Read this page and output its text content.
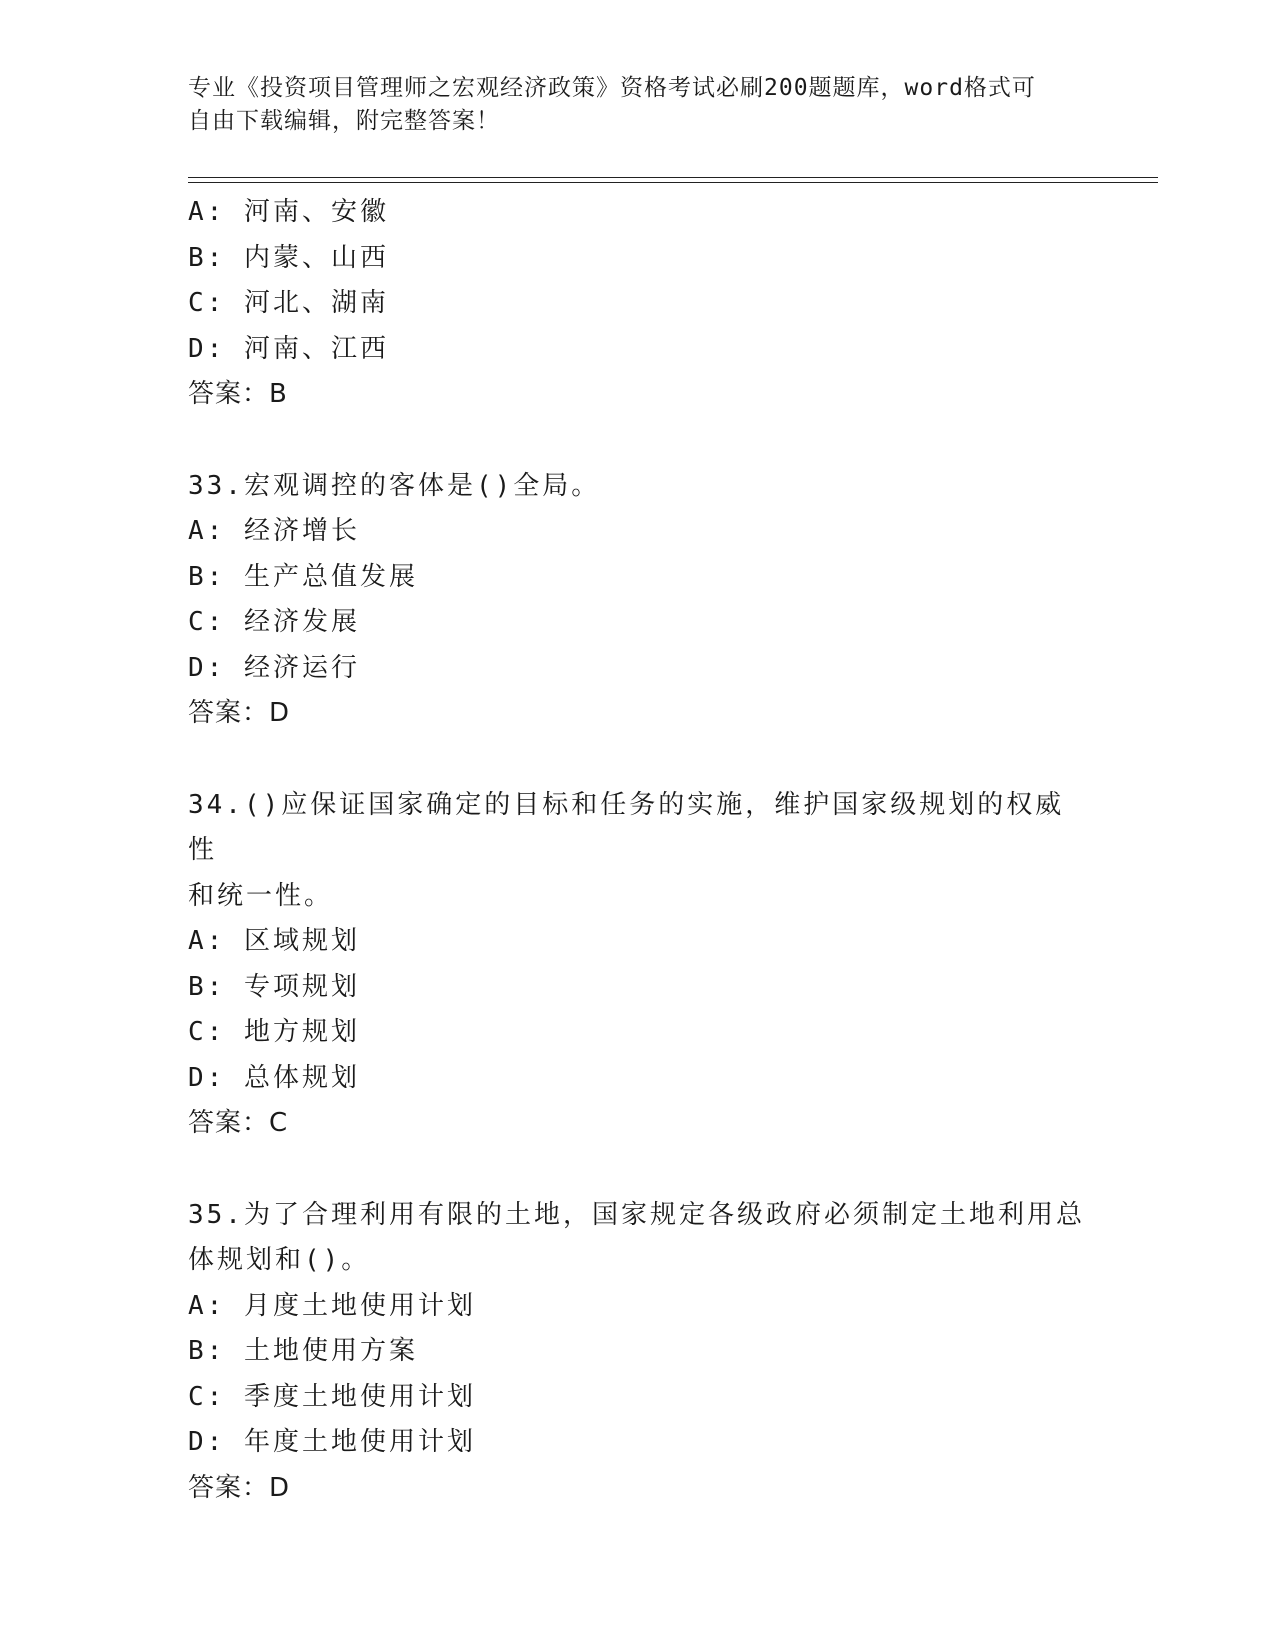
专业《投资项目管理师之宏观经济政策》资格考试必刷200题题库，word格式可
自由下载编辑，附完整答案！
A: 河南、安徽
B: 内蒙、山西
C: 河北、湖南
D: 河南、江西
答案：B
33.宏观调控的客体是()全局。
A: 经济增长
B: 生产总值发展
C: 经济发展
D: 经济运行
答案：D
34.()应保证国家确定的目标和任务的实施，维护国家级规划的权威性
和统一性。
A: 区域规划
B: 专项规划
C: 地方规划
D: 总体规划
答案：C
35.为了合理利用有限的土地，国家规定各级政府必须制定土地利用总
体规划和()。
A: 月度土地使用计划
B: 土地使用方案
C: 季度土地使用计划
D: 年度土地使用计划
答案：D
